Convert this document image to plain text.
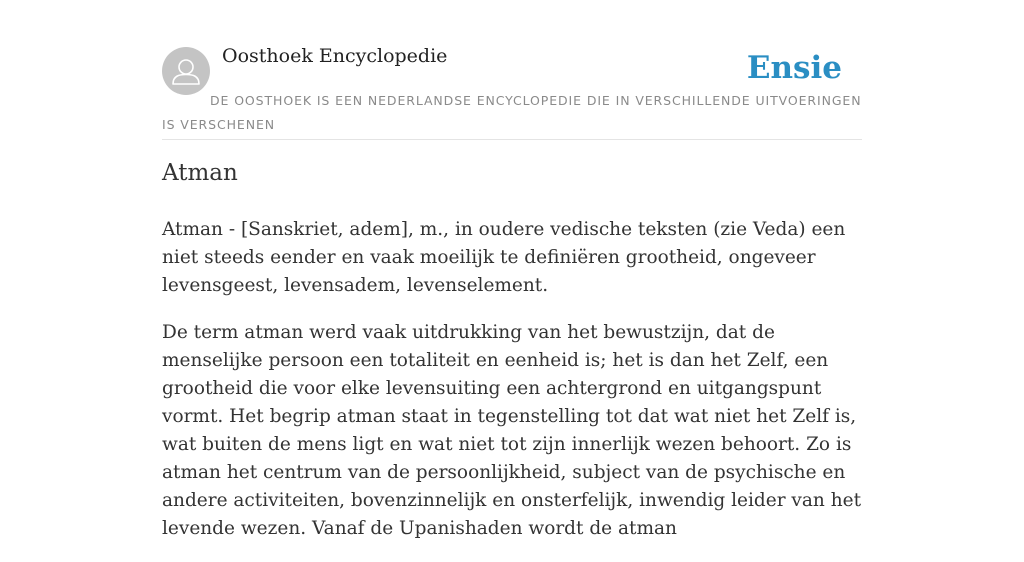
Oosthoek Encyclopedie	Ensie

DE OOSTHOEK IS EEN NEDERLANDSE ENCYCLOPEDIE DIE IN VERSCHILLENDE UITVOERINGEN IS VERSCHENEN

Atman

Atman - [Sanskriet, adem], m., in oudere vedische teksten (zie Veda) een niet steeds eender en vaak moeilijk te definiëren grootheid, ongeveer levensgeest, levensadem, levenselement.

De term atman werd vaak uitdrukking van het bewustzijn, dat de menselijke persoon een totaliteit en eenheid is; het is dan het Zelf, een grootheid die voor elke levensuiting een achtergrond en uitgangspunt vormt. Het begrip atman staat in tegenstelling tot dat wat niet het Zelf is, wat buiten de mens ligt en wat niet tot zijn innerlijk wezen behoort. Zo is atman het centrum van de persoonlijkheid, subject van de psychische en andere activiteiten, bovenzinnelijk en onsterfelijk, inwendig leider van het levende wezen. Vanaf de Upanishaden wordt de atman
